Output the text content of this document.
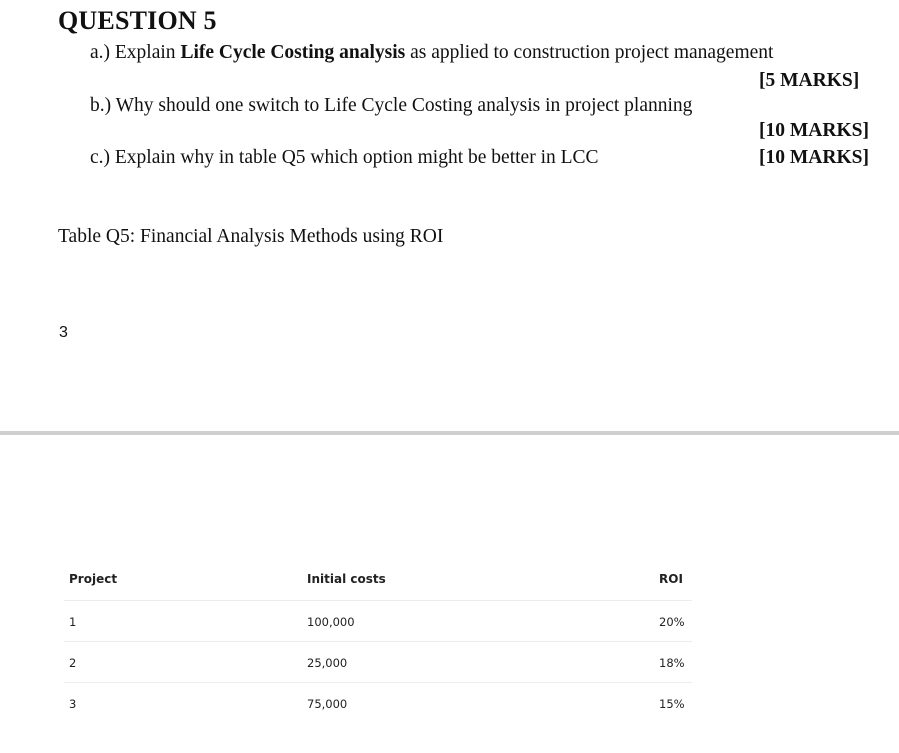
QUESTION 5
a.) Explain Life Cycle Costing analysis as applied to construction project management
[5 MARKS]
b.) Why should one switch to Life Cycle Costing analysis in project planning
[10 MARKS]
c.) Explain why in table Q5 which option might be better in LCC	[10 MARKS]
Table Q5: Financial Analysis Methods using ROI
3
Project	Initial costs	ROI
1	100,000	20%
2	25,000	18%
3	75,000	15%
